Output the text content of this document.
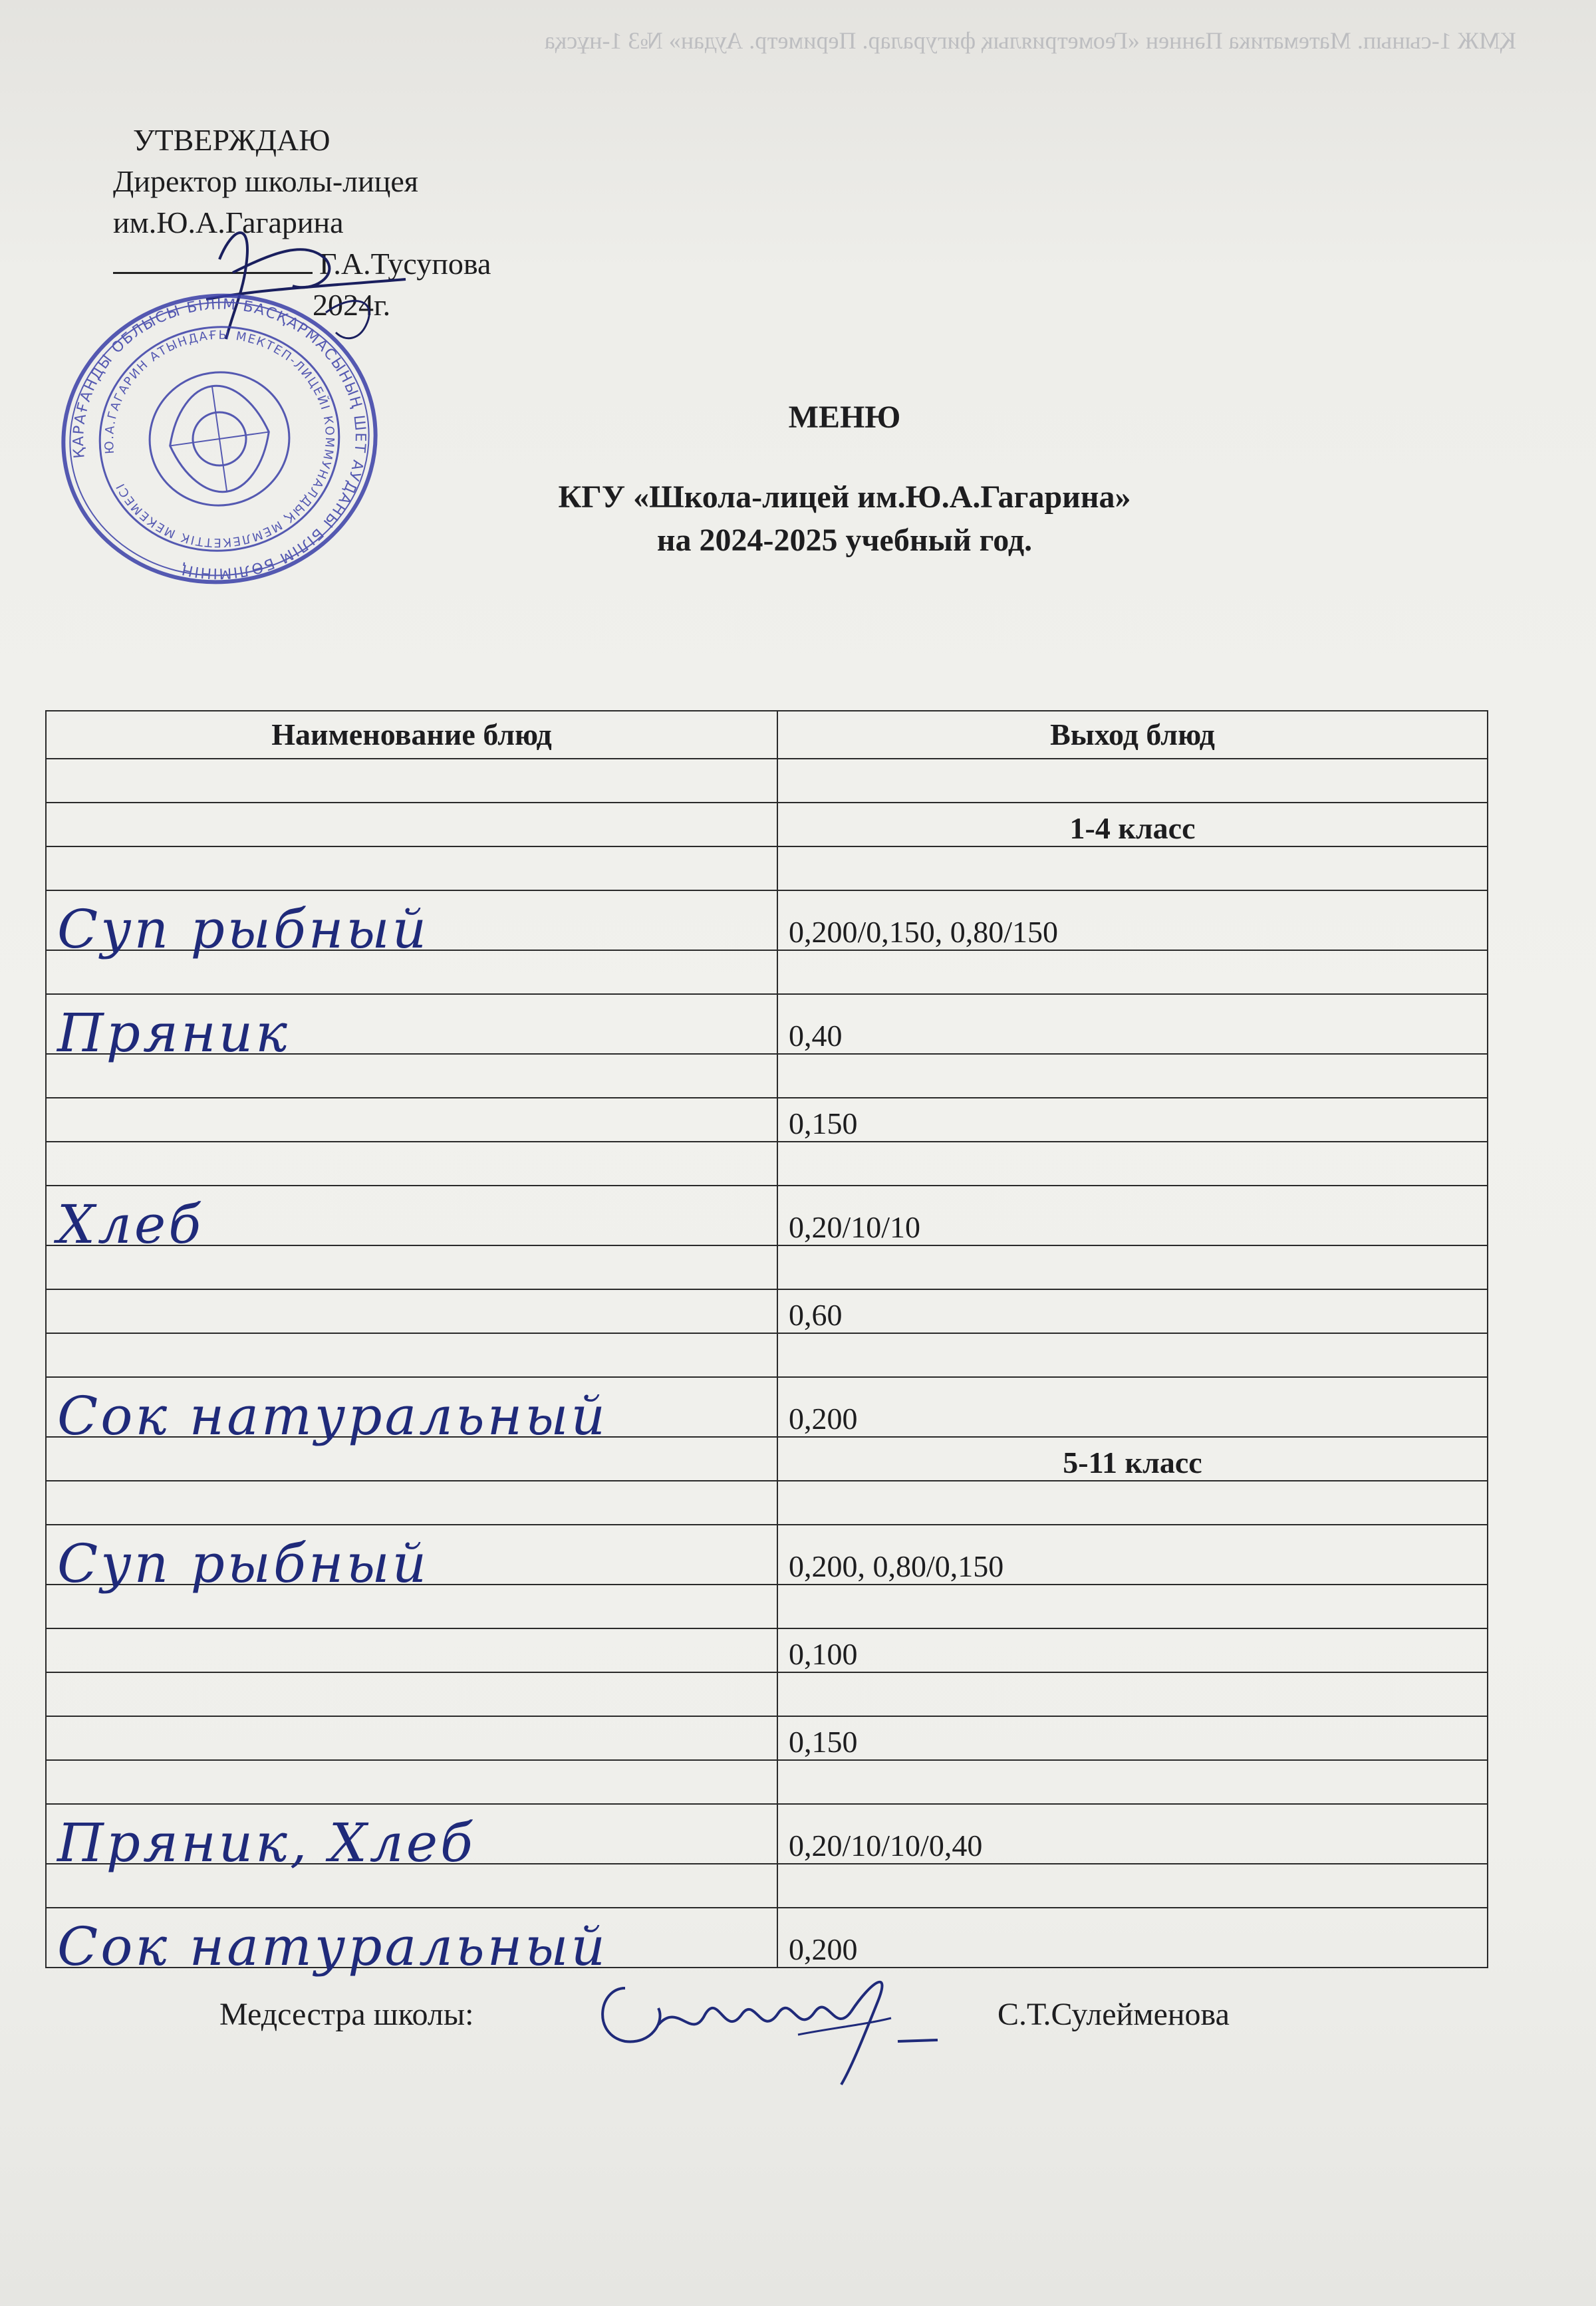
ҚМЖ 1-сынып. Математика Пәннен «Геометриялық фигуралар. Периметр. Аудан» №3 1-нұсқа
УТВЕРЖДАЮ
Директор школы-лицея
им.Ю.А.Гагарина
Г.А.Тусупова
2024г.
ҚАРАҒАНДЫ ОБЛЫСЫ БІЛІМ БАСҚАРМАСЫНЫҢ ШЕТ АУДАНЫ БІЛІМ БӨЛІМІНІҢ
Ю.А.ГАГАРИН АТЫНДАҒЫ МЕКТЕП-ЛИЦЕЙІ КОММУНАЛДЫҚ МЕМЛЕКЕТТІК МЕКЕМЕСІ
МЕНЮ
КГУ «Школа-лицей им.Ю.А.Гагарина»
на 2024-2025 учебный год.
Наименование блюд	Выход блюд

	1-4 класс

Суп рыбный	0,200/0,150, 0,80/150

Пряник	0,40

	0,150

Хлеб	0,20/10/10

	0,60

Сок натуральный	0,200
	5-11 класс

Суп рыбный	0,200, 0,80/0,150

	0,100

	0,150

Пряник, Хлеб	0,20/10/10/0,40

Сок натуральный	0,200
Медсестра школы:	С.Т.Сулейменова
